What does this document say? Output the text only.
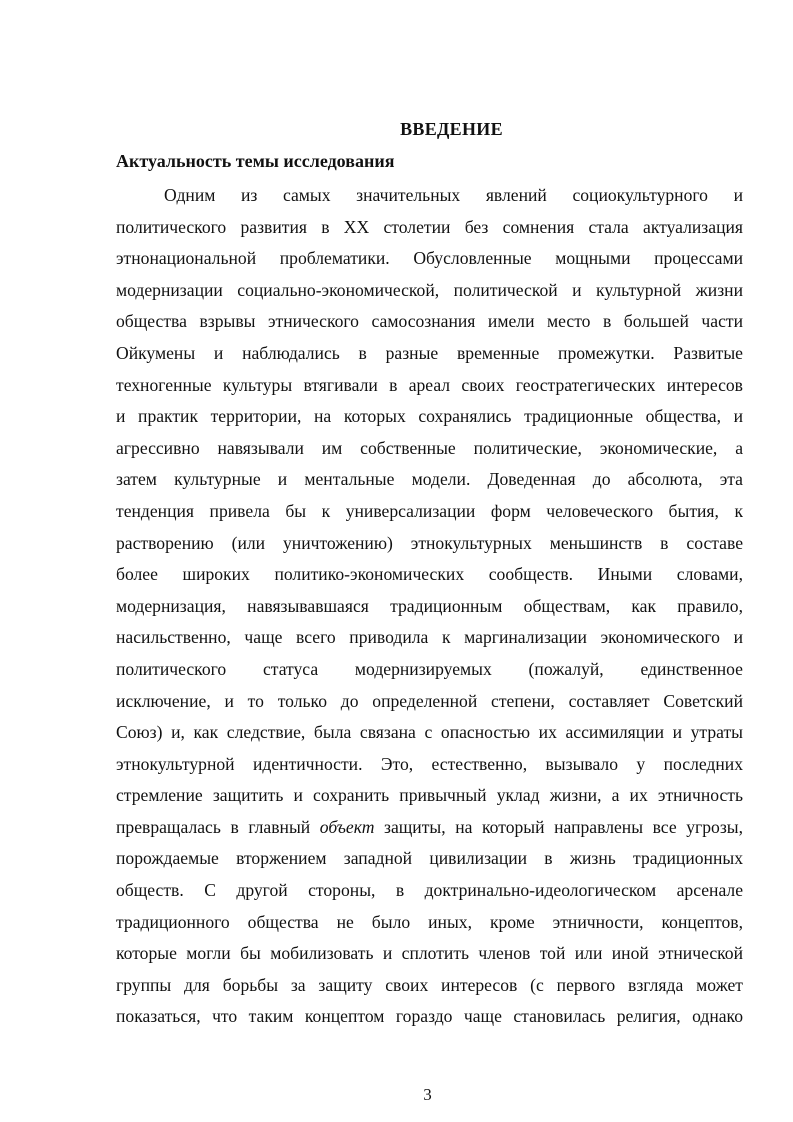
ВВЕДЕНИЕ
Актуальность темы исследования
Одним из самых значительных явлений социокультурного и
политического развития в XX столетии без сомнения стала актуализация
этнонациональной проблематики. Обусловленные мощными процессами
модернизации социально-экономической, политической и культурной жизни
общества взрывы этнического самосознания имели место в большей части
Ойкумены и наблюдались в разные временные промежутки. Развитые
техногенные культуры втягивали в ареал своих геостратегических интересов
и практик территории, на которых сохранялись традиционные общества, и
агрессивно навязывали им собственные политические, экономические, а
затем культурные и ментальные модели. Доведенная до абсолюта, эта
тенденция привела бы к универсализации форм человеческого бытия, к
растворению (или уничтожению) этнокультурных меньшинств в составе
более широких политико-экономических сообществ. Иными словами,
модернизация, навязывавшаяся традиционным обществам, как правило,
насильственно, чаще всего приводила к маргинализации экономического и
политического статуса модернизируемых (пожалуй, единственное
исключение, и то только до определенной степени, составляет Советский
Союз) и, как следствие, была связана с опасностью их ассимиляции и утраты
этнокультурной идентичности. Это, естественно, вызывало у последних
стремление защитить и сохранить привычный уклад жизни, а их этничность
превращалась в главный объект защиты, на который направлены все угрозы,
порождаемые вторжением западной цивилизации в жизнь традиционных
обществ. С другой стороны, в доктринально-идеологическом арсенале
традиционного общества не было иных, кроме этничности, концептов,
которые могли бы мобилизовать и сплотить членов той или иной этнической
группы для борьбы за защиту своих интересов (с первого взгляда может
показаться, что таким концептом гораздо чаще становилась религия, однако
3
